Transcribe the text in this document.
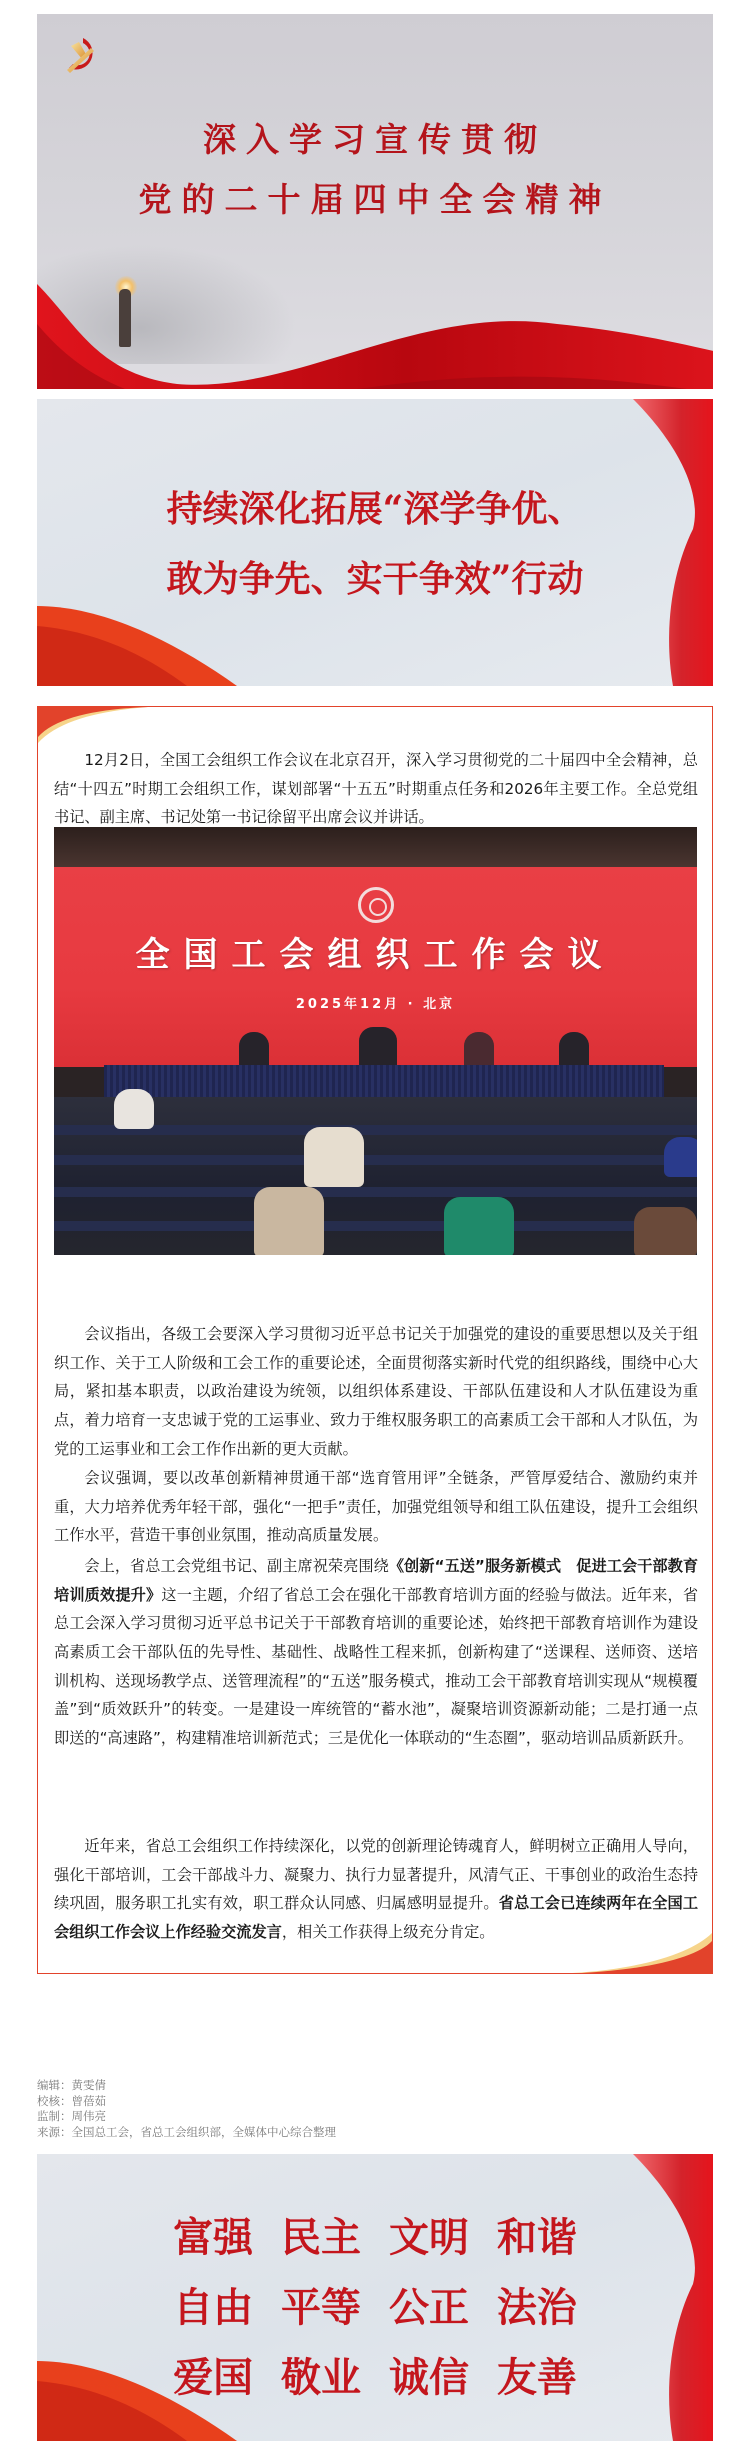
深入学习宣传贯彻
党的二十届四中全会精神
持续深化拓展“深学争优、
敢为争先、实干争效”行动

12月2日，全国工会组织工作会议在北京召开，深入学习贯彻党的二十届四中全会精神，总结“十四五”时期工会组织工作，谋划部署“十五五”时期重点任务和2026年主要工作。全总党组书记、副主席、书记处第一书记徐留平出席会议并讲话。

全国工会组织工作会议
2025年12月 · 北京

会议指出，各级工会要深入学习贯彻习近平总书记关于加强党的建设的重要思想以及关于组织工作、关于工人阶级和工会工作的重要论述，全面贯彻落实新时代党的组织路线，围绕中心大局，紧扣基本职责，以政治建设为统领，以组织体系建设、干部队伍建设和人才队伍建设为重点，着力培育一支忠诚于党的工运事业、致力于维权服务职工的高素质工会干部和人才队伍，为党的工运事业和工会工作作出新的更大贡献。

会议强调，要以改革创新精神贯通干部“选育管用评”全链条，严管厚爱结合、激励约束并重，大力培养优秀年轻干部，强化“一把手”责任，加强党组领导和组工队伍建设，提升工会组织工作水平，营造干事创业氛围，推动高质量发展。

会上，省总工会党组书记、副主席祝荣亮围绕《创新“五送”服务新模式　促进工会干部教育培训质效提升》这一主题，介绍了省总工会在强化干部教育培训方面的经验与做法。近年来，省总工会深入学习贯彻习近平总书记关于干部教育培训的重要论述，始终把干部教育培训作为建设高素质工会干部队伍的先导性、基础性、战略性工程来抓，创新构建了“送课程、送师资、送培训机构、送现场教学点、送管理流程”的“五送”服务模式，推动工会干部教育培训实现从“规模覆盖”到“质效跃升”的转变。一是建设一库统管的“蓄水池”，凝聚培训资源新动能；二是打通一点即送的“高速路”，构建精准培训新范式；三是优化一体联动的“生态圈”，驱动培训品质新跃升。

近年来，省总工会组织工作持续深化，以党的创新理论铸魂育人，鲜明树立正确用人导向，强化干部培训，工会干部战斗力、凝聚力、执行力显著提升，风清气正、干事创业的政治生态持续巩固，服务职工扎实有效，职工群众认同感、归属感明显提升。省总工会已连续两年在全国工会组织工作会议上作经验交流发言，相关工作获得上级充分肯定。

编辑：黄雯倩
校核：曾蓓茹
监制：周伟亮
来源：全国总工会，省总工会组织部，全媒体中心综合整理
富强 民主 文明 和谐
自由 平等 公正 法治
爱国 敬业 诚信 友善
